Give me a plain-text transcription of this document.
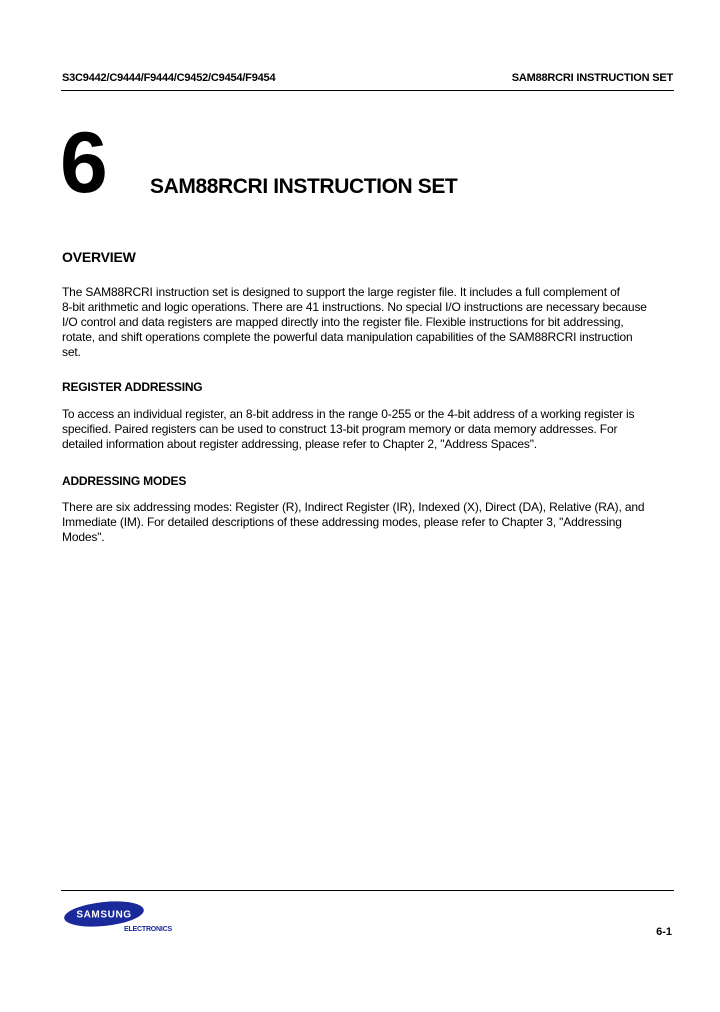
S3C9442/C9444/F9444/C9452/C9454/F9454	SAM88RCRI INSTRUCTION SET
6 SAM88RCRI INSTRUCTION SET
OVERVIEW

The SAM88RCRI instruction set is designed to support the large register file. It includes a full complement of
8-bit arithmetic and logic operations. There are 41 instructions. No special I/O instructions are necessary because
I/O control and data registers are mapped directly into the register file. Flexible instructions for bit addressing,
rotate, and shift operations complete the powerful data manipulation capabilities of the SAM88RCRI instruction
set.

REGISTER ADDRESSING

To access an individual register, an 8-bit address in the range 0-255 or the 4-bit address of a working register is
specified. Paired registers can be used to construct 13-bit program memory or data memory addresses. For
detailed information about register addressing, please refer to Chapter 2, "Address Spaces".

ADDRESSING MODES

There are six addressing modes: Register (R), Indirect Register (IR), Indexed (X), Direct (DA), Relative (RA), and
Immediate (IM). For detailed descriptions of these addressing modes, please refer to Chapter 3, "Addressing
Modes".

SAMSUNG
ELECTRONICS	6-1
